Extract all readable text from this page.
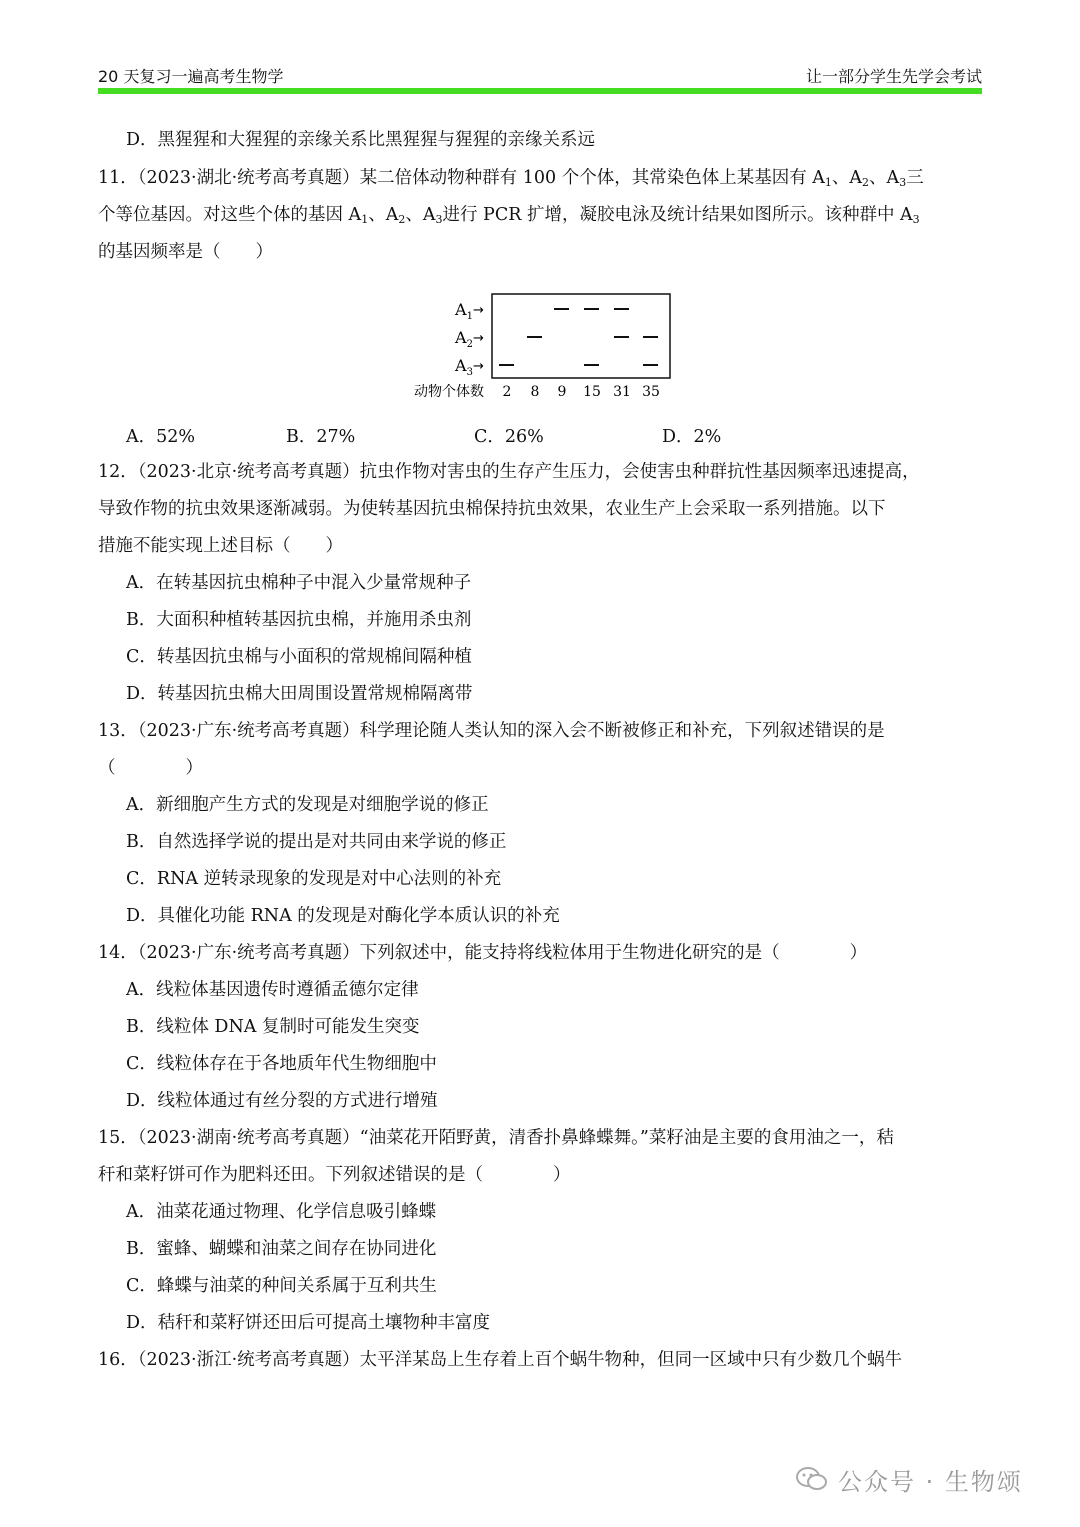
20 天复习一遍高考生物学	让一部分学生先学会考试
D．黑猩猩和大猩猩的亲缘关系比黑猩猩与猩猩的亲缘关系远
11．（2023·湖北·统考高考真题）某二倍体动物种群有 100 个个体，其常染色体上某基因有 $A_1$、$A_2$、$A_3$三
个等位基因。对这些个体的基因 $A_1$、$A_2$、$A_3$进行 PCR 扩增，凝胶电泳及统计结果如图所示。该种群中 $A_3$
的基因频率是（　　）
$A_1$
$A_2$
$A_3$
→
→
→
动物个体数 2 8 9 15 31 35
A．52%	B．27%	C．26%	D．2%
12．（2023·北京·统考高考真题）抗虫作物对害虫的生存产生压力，会使害虫种群抗性基因频率迅速提高，
导致作物的抗虫效果逐渐减弱。为使转基因抗虫棉保持抗虫效果，农业生产上会采取一系列措施。以下
措施不能实现上述目标（　　）
A．在转基因抗虫棉种子中混入少量常规种子
B．大面积种植转基因抗虫棉，并施用杀虫剂
C．转基因抗虫棉与小面积的常规棉间隔种植
D．转基因抗虫棉大田周围设置常规棉隔离带
13．（2023·广东·统考高考真题）科学理论随人类认知的深入会不断被修正和补充，下列叙述错误的是
（　　　　）
A．新细胞产生方式的发现是对细胞学说的修正
B．自然选择学说的提出是对共同由来学说的修正
C．RNA 逆转录现象的发现是对中心法则的补充
D．具催化功能 RNA 的发现是对酶化学本质认识的补充
14．（2023·广东·统考高考真题）下列叙述中，能支持将线粒体用于生物进化研究的是（　　　　）
A．线粒体基因遗传时遵循孟德尔定律
B．线粒体 DNA 复制时可能发生突变
C．线粒体存在于各地质年代生物细胞中
D．线粒体通过有丝分裂的方式进行增殖
15．（2023·湖南·统考高考真题）“油菜花开陌野黄，清香扑鼻蜂蝶舞。”菜籽油是主要的食用油之一，秸
秆和菜籽饼可作为肥料还田。下列叙述错误的是（　　　　）
A．油菜花通过物理、化学信息吸引蜂蝶
B．蜜蜂、蝴蝶和油菜之间存在协同进化
C．蜂蝶与油菜的种间关系属于互利共生
D．秸秆和菜籽饼还田后可提高土壤物种丰富度
16．（2023·浙江·统考高考真题）太平洋某岛上生存着上百个蜗牛物种，但同一区域中只有少数几个蜗牛
公众号 · 生物颂
